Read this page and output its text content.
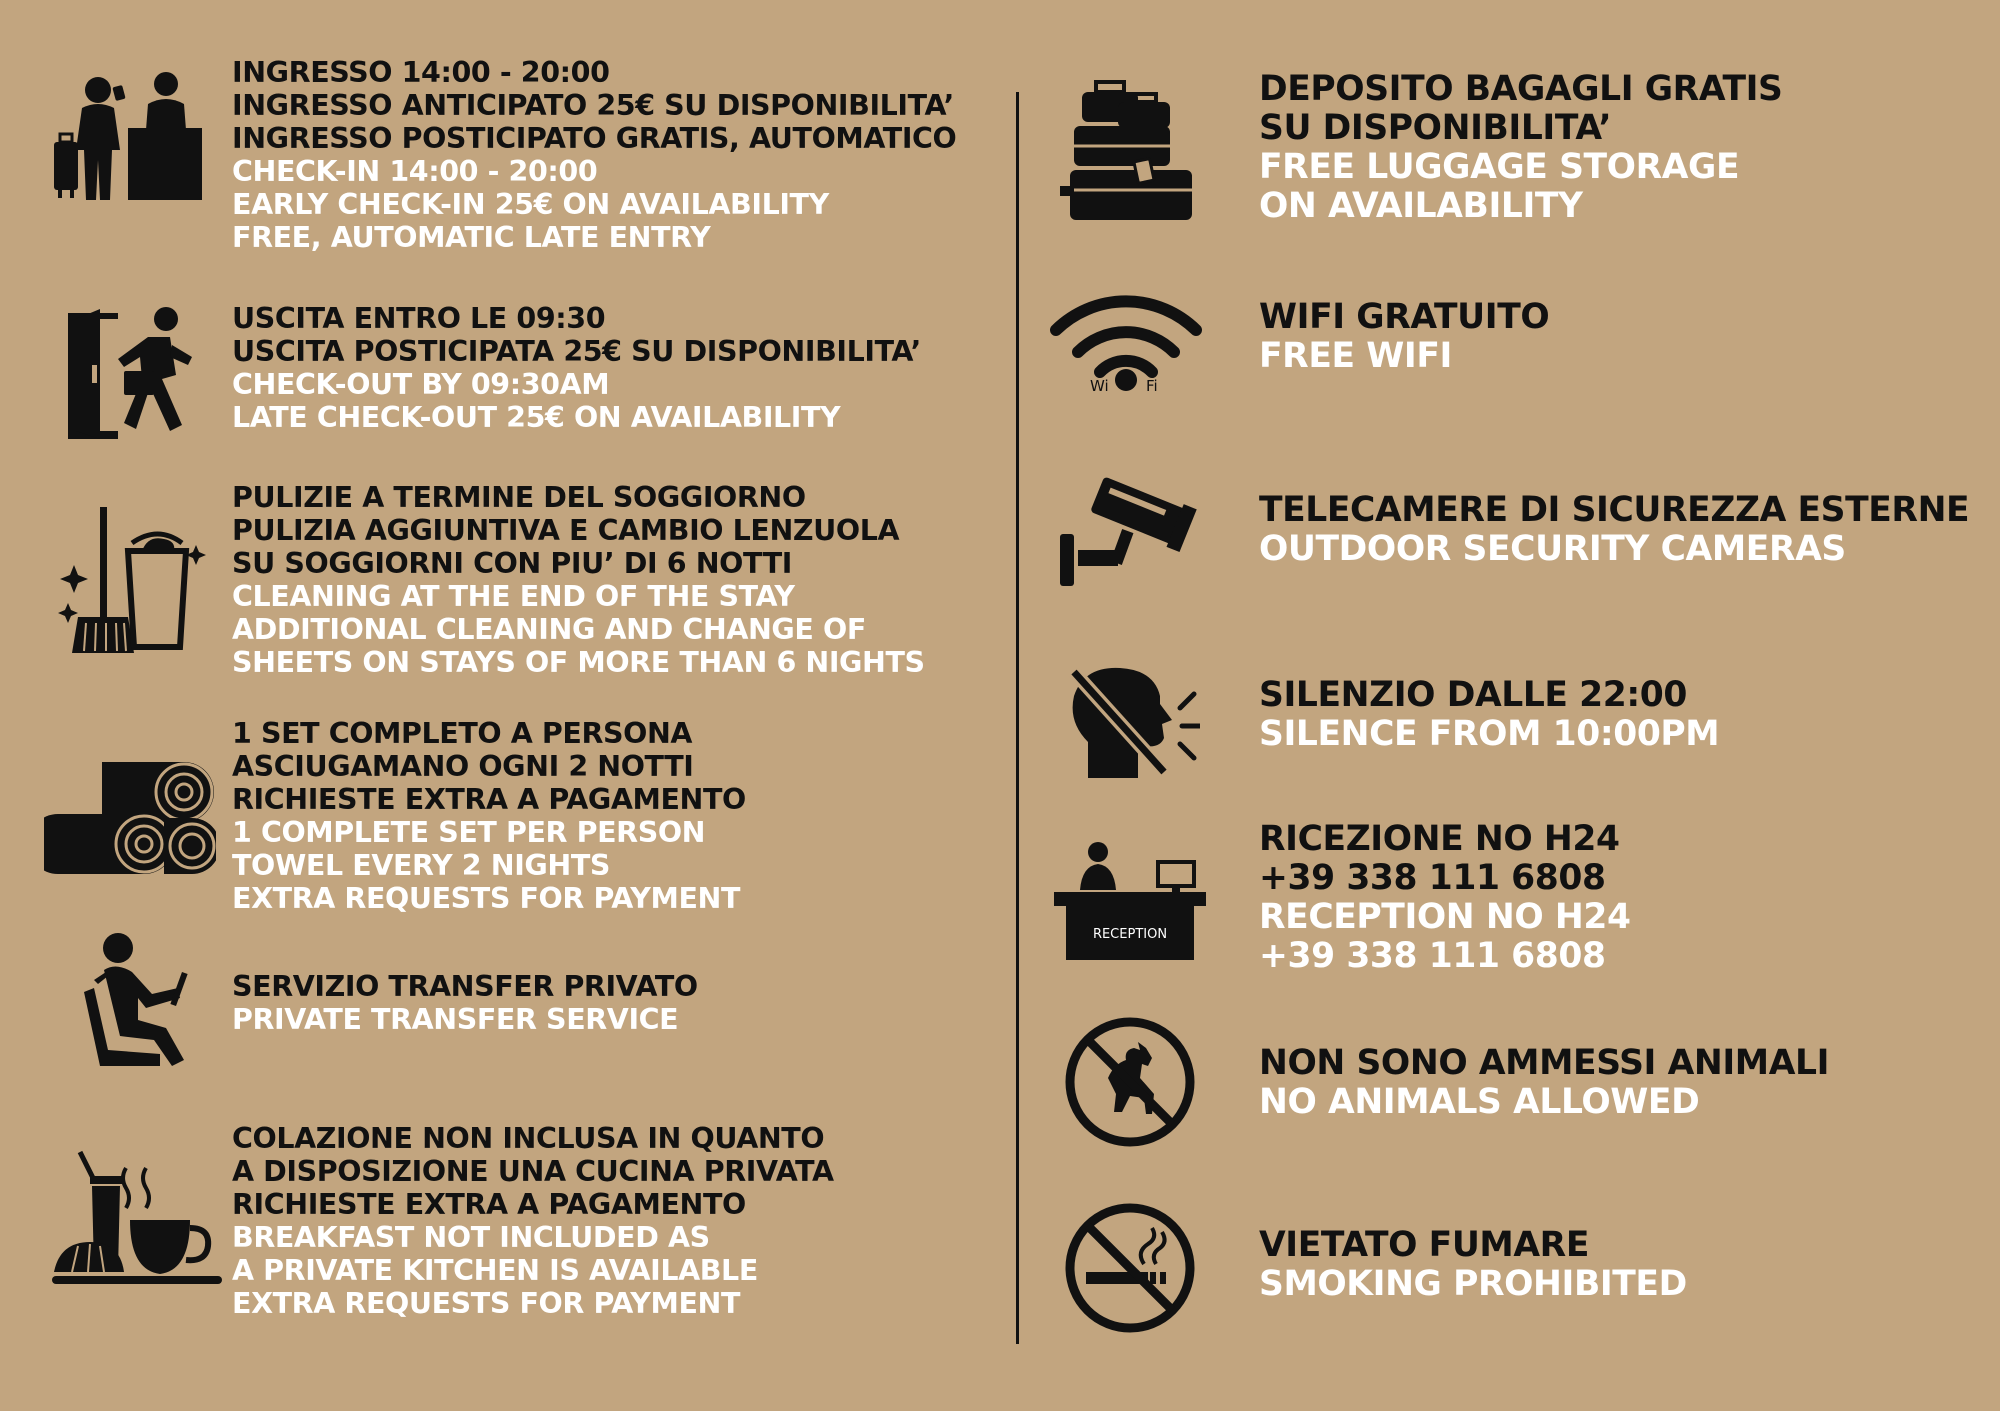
INGRESSO 14:00 - 20:00
INGRESSO ANTICIPATO 25€ SU DISPONIBILITA’
INGRESSO POSTICIPATO GRATIS, AUTOMATICO
CHECK-IN 14:00 - 20:00
EARLY CHECK-IN 25€ ON AVAILABILITY
FREE, AUTOMATIC LATE ENTRY
USCITA ENTRO LE 09:30
USCITA POSTICIPATA 25€ SU DISPONIBILITA’
CHECK-OUT BY 09:30AM
LATE CHECK-OUT 25€ ON AVAILABILITY
PULIZIE A TERMINE DEL SOGGIORNO
PULIZIA AGGIUNTIVA E CAMBIO LENZUOLA
SU SOGGIORNI CON PIU’ DI 6 NOTTI
CLEANING AT THE END OF THE STAY
ADDITIONAL CLEANING AND CHANGE OF
SHEETS ON STAYS OF MORE THAN 6 NIGHTS
1 SET COMPLETO A PERSONA
ASCIUGAMANO OGNI 2 NOTTI
RICHIESTE EXTRA A PAGAMENTO
1 COMPLETE SET PER PERSON
TOWEL EVERY 2 NIGHTS
EXTRA REQUESTS FOR PAYMENT
SERVIZIO TRANSFER PRIVATO
PRIVATE TRANSFER SERVICE
COLAZIONE NON INCLUSA IN QUANTO
A DISPOSIZIONE UNA CUCINA PRIVATA
RICHIESTE EXTRA A PAGAMENTO
BREAKFAST NOT INCLUDED AS
A PRIVATE KITCHEN IS AVAILABLE
EXTRA REQUESTS FOR PAYMENT
DEPOSITO BAGAGLI GRATIS
SU DISPONIBILITA’
FREE LUGGAGE STORAGE
ON AVAILABILITY
Wi Fi
WIFI GRATUITO
FREE WIFI
TELECAMERE DI SICUREZZA ESTERNE
OUTDOOR SECURITY CAMERAS
SILENZIO DALLE 22:00
SILENCE FROM 10:00PM
RECEPTION
RICEZIONE NO H24
+39 338 111 6808
RECEPTION NO H24
+39 338 111 6808
NON SONO AMMESSI ANIMALI
NO ANIMALS ALLOWED
VIETATO FUMARE
SMOKING PROHIBITED
